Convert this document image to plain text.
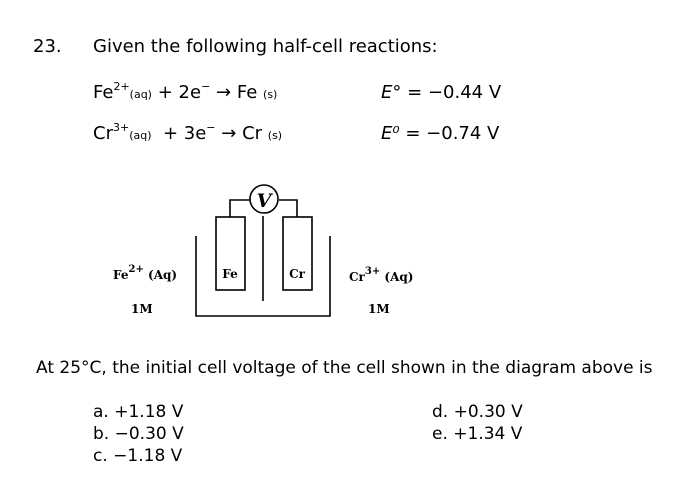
23. Given the following half-cell reactions:
$Fe^{2+}(aq) + 2e^- \to Fe$ (s)	E° = −0.44 V
$Cr^{3+}(aq) + 3e^- \to Cr$ (s)	E⁰ = −0.74 V
V
Fe	Cr
$Fe^{2+}$ (Aq)
1M
$Cr^{3+}$ (Aq)
1M
At 25°C, the initial cell voltage of the cell shown in the diagram above is
a. +1.18 V
b. −0.30 V
c. −1.18 V
d. +0.30 V
e. +1.34 V
